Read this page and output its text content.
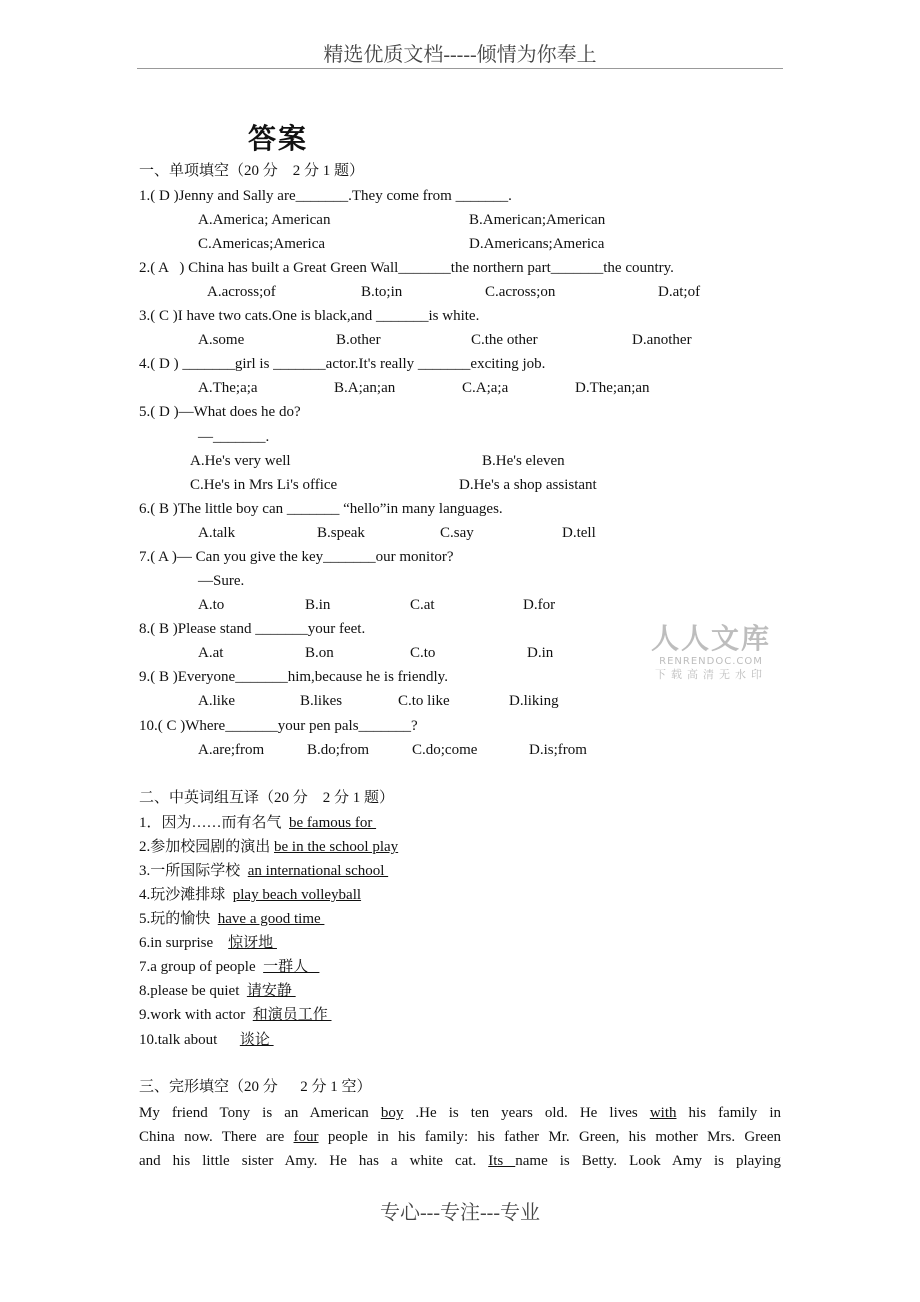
精选优质文档-----倾情为你奉上
答案
一、单项填空（20 分    2 分 1 题）
1.( D )Jenny and Sally are_______.They come from _______.
A.America; American	B.American;American
C.Americas;America	D.Americans;America
2.( A   ) China has built a Great Green Wall_______the northern part_______the country.
A.across;of	B.to;in	C.across;on	D.at;of
3.( C )I have two cats.One is black,and _______is white.
A.some	B.other	C.the other	D.another
4.( D ) _______girl is _______actor.It's really _______exciting job.
A.The;a;a	B.A;an;an	C.A;a;a	D.The;an;an
5.( D )—What does he do?
—_______.
A.He's very well	B.He's eleven
C.He's in Mrs Li's office	D.He's a shop assistant
6.( B )The little boy can _______ “hello”in many languages.
A.talk	B.speak	C.say	D.tell
7.( A )— Can you give the key_______our monitor?
—Sure.
A.to	B.in	C.at	D.for
8.( B )Please stand _______your feet.
A.at	B.on	C.to	D.in
9.( B )Everyone_______him,because he is friendly.
A.like	B.likes	C.to like	D.liking
10.( C )Where_______your pen pals_______?
A.are;from	B.do;from	C.do;come	D.is;from
人人文库
RENRENDOC.COM
下载高清无水印
二、中英词组互译（20 分    2 分 1 题）
1．因为……而有名气 be famous for
2.参加校园剧的演出 be in the school play
3.一所国际学校 an international school
4.玩沙滩排球 play beach volleyball
5.玩的愉快 have a good time
6.in surprise 惊讶地
7.a group of people 一群人
8.please be quiet 请安静
9.work with actor 和演员工作
10.talk about 谈论
三、完形填空（20 分      2 分 1 空）
My friend Tony is an American boy .He is ten years old. He lives with his family in
China now. There are four people in his family: his father Mr. Green, his mother Mrs. Green
and his little sister Amy. He has a white cat. Its name is Betty. Look Amy is playing
专心---专注---专业
